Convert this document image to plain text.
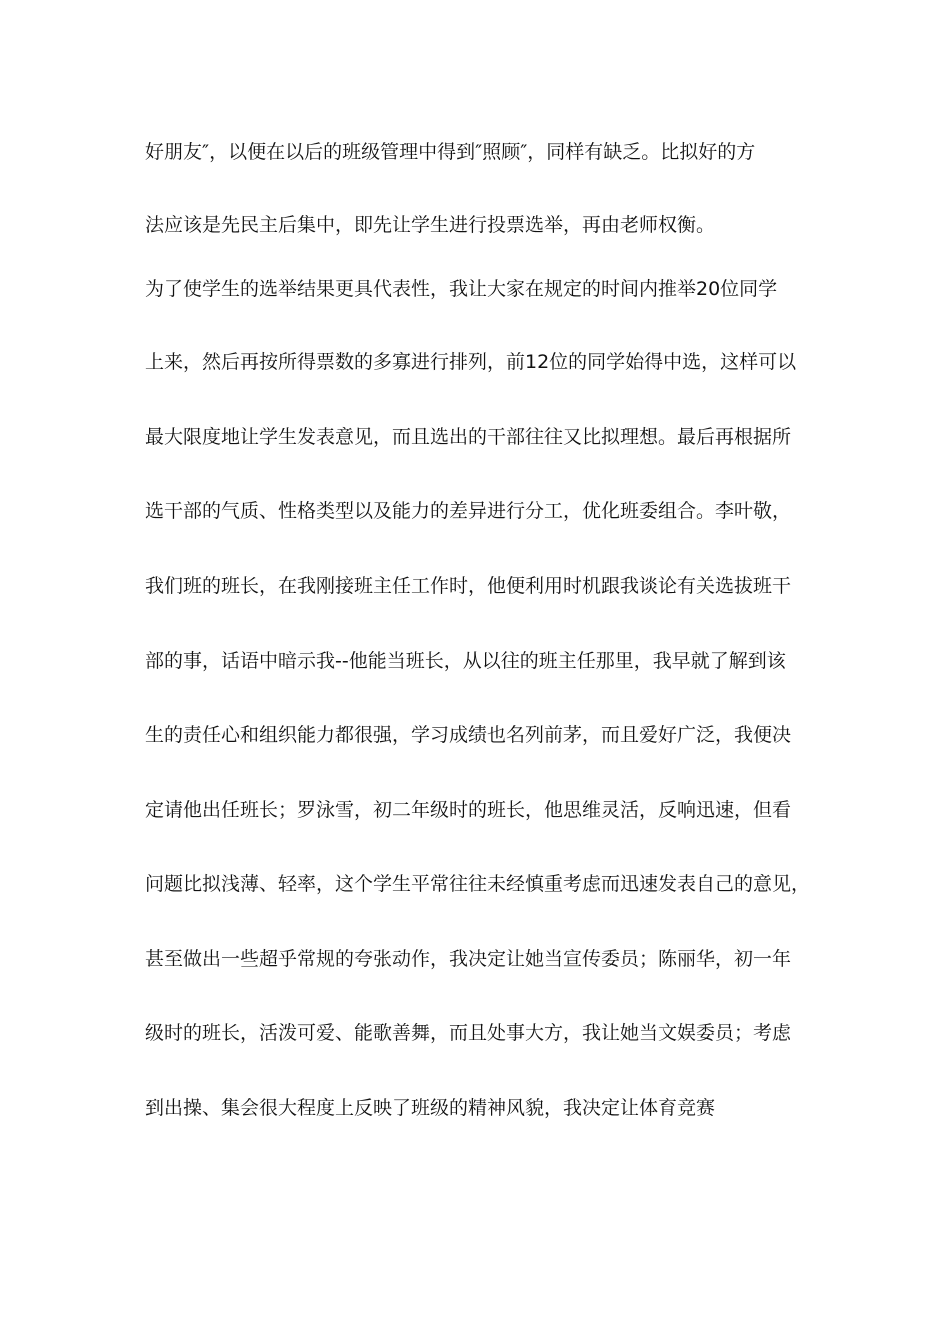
好朋友″，以便在以后的班级管理中得到″照顾″，同样有缺乏。比拟好的方
法应该是先民主后集中，即先让学生进行投票选举，再由老师权衡。
为了使学生的选举结果更具代表性，我让大家在规定的时间内推举20位同学
上来，然后再按所得票数的多寡进行排列，前12位的同学始得中选，这样可以
最大限度地让学生发表意见，而且选出的干部往往又比拟理想。最后再根据所
选干部的气质、性格类型以及能力的差异进行分工，优化班委组合。李叶敬，
我们班的班长，在我刚接班主任工作时，他便利用时机跟我谈论有关选拔班干
部的事，话语中暗示我--他能当班长，从以往的班主任那里，我早就了解到该
生的责任心和组织能力都很强，学习成绩也名列前茅，而且爱好广泛，我便决
定请他出任班长；罗泳雪，初二年级时的班长，他思维灵活，反响迅速，但看
问题比拟浅薄、轻率，这个学生平常往往未经慎重考虑而迅速发表自己的意见，
甚至做出一些超乎常规的夸张动作，我决定让她当宣传委员；陈丽华，初一年
级时的班长，活泼可爱、能歌善舞，而且处事大方，我让她当文娱委员；考虑
到出操、集会很大程度上反映了班级的精神风貌，我决定让体育竞赛
